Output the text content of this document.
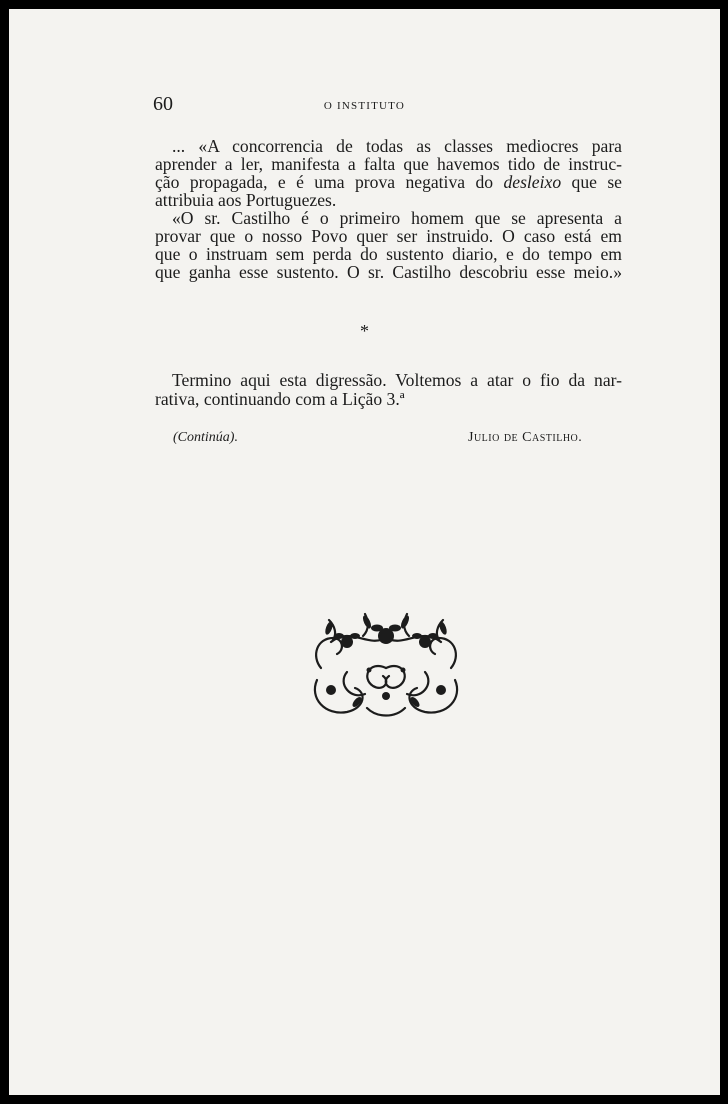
60	O INSTITUTO
... «A concorrencia de todas as classes mediocres para
aprender a ler, manifesta a falta que havemos tido de instruc-
ção propagada, e é uma prova negativa do desleixo que se
attribuia aos Portuguezes.
«O sr. Castilho é o primeiro homem que se apresenta a
provar que o nosso Povo quer ser instruido. O caso está em
que o instruam sem perda do sustento diario, e do tempo em
que ganha esse sustento. O sr. Castilho descobriu esse meio.»
*
Termino aqui esta digressão. Voltemos a atar o fio da nar-
rativa, continuando com a Lição 3.ª
(Continúa).	Julio de Castilho.
